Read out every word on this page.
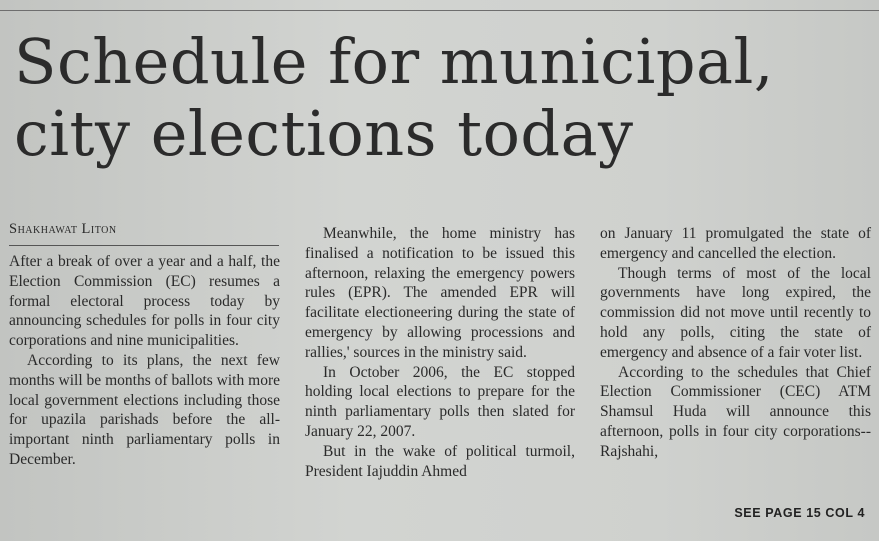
Schedule for municipal,
city elections today
Shakhawat Liton

After a break of over a year and a half, the Election Commission (EC) resumes a formal electoral process today by announcing schedules for polls in four city corporations and nine municipalities.

According to its plans, the next few months will be months of ballots with more local government elections including those for upazila parishads before the all-important ninth parliamentary polls in December.

Meanwhile, the home ministry has finalised a notification to be issued this afternoon, relaxing the emergency powers rules (EPR). The amended EPR will facilitate electioneering during the state of emergency by allowing processions and rallies,' sources in the ministry said.

In October 2006, the EC stopped holding local elections to prepare for the ninth parliamentary polls then slated for January 22, 2007.

But in the wake of political turmoil, President Iajuddin Ahmed

on January 11 promulgated the state of emergency and cancelled the election.

Though terms of most of the local governments have long expired, the commission did not move until recently to hold any polls, citing the state of emergency and absence of a fair voter list.

According to the schedules that Chief Election Commissioner (CEC) ATM Shamsul Huda will announce this afternoon, polls in four city corporations--Rajshahi,

SEE PAGE 15 COL 4
